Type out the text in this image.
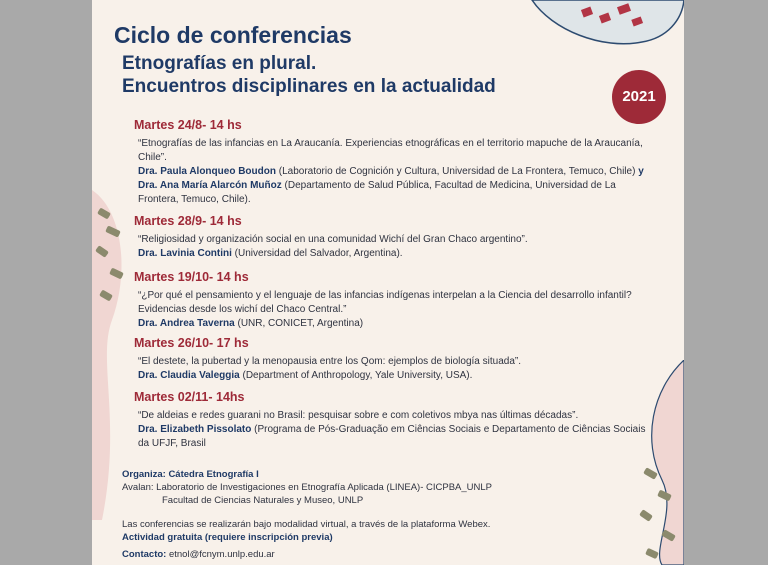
Ciclo de conferencias
Etnografías en plural.
Encuentros disciplinares en la actualidad	2021
Martes 24/8- 14 hs
“Etnografías de las infancias en La Araucanía. Experiencias etnográficas en el territorio mapuche de la Araucanía, Chile”.
Dra. Paula Alonqueo Boudon (Laboratorio de Cognición y Cultura, Universidad de La Frontera, Temuco, Chile) y Dra. Ana María Alarcón Muñoz (Departamento de Salud Pública, Facultad de Medicina, Universidad de La Frontera, Temuco, Chile).
Martes 28/9- 14 hs
“Religiosidad y organización social en una comunidad Wichí del Gran Chaco argentino”.
Dra. Lavinia Contini (Universidad del Salvador, Argentina).
Martes 19/10- 14 hs
“¿Por qué el pensamiento y el lenguaje de las infancias indígenas interpelan a la Ciencia del desarrollo infantil? Evidencias desde los wichí del Chaco Central.”
Dra. Andrea Taverna (UNR, CONICET, Argentina)
Martes 26/10- 17 hs
“El destete, la pubertad y la menopausia entre los Qom: ejemplos de biología situada”.
Dra. Claudia Valeggia (Department of Anthropology, Yale University, USA).
Martes 02/11- 14hs
“De aldeias e redes guarani no Brasil: pesquisar sobre e com coletivos mbya nas últimas décadas”.
Dra. Elizabeth Pissolato (Programa de Pós-Graduação em Ciências Sociais e Departamento de Ciências Sociais da UFJF, Brasil
Organiza: Cátedra Etnografía I
Avalan: Laboratorio de Investigaciones en Etnografía Aplicada (LINEA)- CICPBA_UNLP
Facultad de Ciencias Naturales y Museo, UNLP
Las conferencias se realizarán bajo modalidad virtual, a través de la plataforma Webex.
Actividad gratuita (requiere inscripción previa)
Contacto: etnol@fcnym.unlp.edu.ar
